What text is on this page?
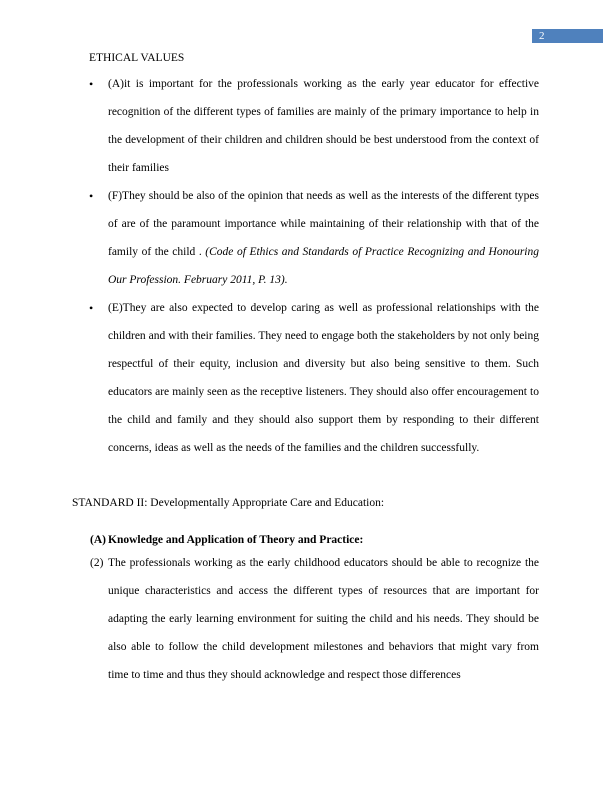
2
ETHICAL VALUES
• (A)it is important for the professionals working as the early year educator for effective recognition of the different types of families are mainly of the primary importance to help in the development of their children and children should be best understood from the context of their families
• (F)They should be also of the opinion that needs as well as the interests of the different types of are of the paramount importance while maintaining of their relationship with that of the family of the child . (Code of Ethics and Standards of Practice Recognizing and Honouring Our Profession. February 2011, P. 13).
• (E)They are also expected to develop caring as well as professional relationships with the children and with their families. They need to engage both the stakeholders by not only being respectful of their equity, inclusion and diversity but also being sensitive to them. Such educators are mainly seen as the receptive listeners. They should also offer encouragement to the child and family and they should also support them by responding to their different concerns, ideas as well as the needs of the families and the children successfully.
STANDARD II: Developmentally Appropriate Care and Education:
(A) Knowledge and Application of Theory and Practice:
(2) The professionals working as the early childhood educators should be able to recognize the unique characteristics and access the different types of resources that are important for adapting the early learning environment for suiting the child and his needs. They should be also able to follow the child development milestones and behaviors that might vary from time to time and thus they should acknowledge and respect those differences
